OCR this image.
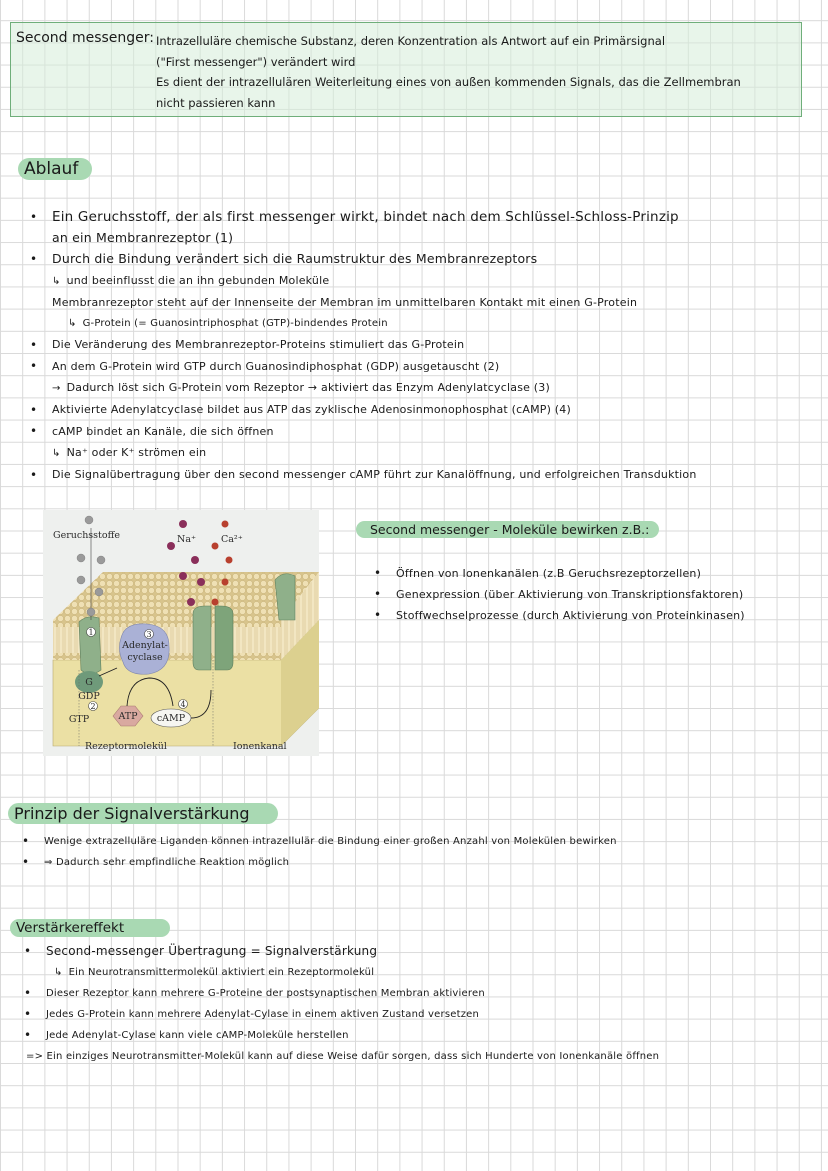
Second messenger: Intrazelluläre chemische Substanz, deren Konzentration als Antwort auf ein Primärsignal
("First messenger") verändert wird
Es dient der intrazellulären Weiterleitung eines von außen kommenden Signals, das die Zellmembran
nicht passieren kann
Ablauf
• Ein Geruchsstoff, der als first messenger wirkt, bindet nach dem Schlüssel-Schloss-Prinzip
an ein Membranrezeptor (1)
• Durch die Bindung verändert sich die Raumstruktur des Membranrezeptors
↳ und beeinflusst die an ihn gebunden Moleküle
Membranrezeptor steht auf der Innenseite der Membran im unmittelbaren Kontakt mit einen G-Protein
↳ G-Protein (= Guanosintriphosphat (GTP)-bindendes Protein
• Die Veränderung des Membranrezeptor-Proteins stimuliert das G-Protein
• An dem G-Protein wird GTP durch Guanosindiphosphat (GDP) ausgetauscht (2)
→ Dadurch löst sich G-Protein vom Rezeptor → aktiviert das Enzym Adenylatcyclase (3)
• Aktivierte Adenylatcyclase bildet aus ATP das zyklische Adenosinmonophosphat (cAMP) (4)
• cAMP bindet an Kanäle, die sich öffnen
↳ Na⁺ oder K⁺ strömen ein
• Die Signalübertragung über den second messenger cAMP führt zur Kanalöffnung, und erfolgreichen Transduktion
1
2
3
4
Geruchsstoffe	Na⁺	Ca²⁺
Adenylat-
cyclase
G
GDP
GTP	ATP cAMP
Rezeptormolekül	Ionenkanal
Second messenger - Moleküle bewirken z.B.:
• Öffnen von Ionenkanälen (z.B Geruchsrezeptorzellen)
• Genexpression (über Aktivierung von Transkriptionsfaktoren)
• Stoffwechselprozesse (durch Aktivierung von Proteinkinasen)
Prinzip der Signalverstärkung
• Wenige extrazelluläre Liganden können intrazellulär die Bindung einer großen Anzahl von Molekülen bewirken
• ⇒ Dadurch sehr empfindliche Reaktion möglich
Verstärkereffekt
• Second-messenger Übertragung = Signalverstärkung
↳ Ein Neurotransmittermolekül aktiviert ein Rezeptormolekül
• Dieser Rezeptor kann mehrere G-Proteine der postsynaptischen Membran aktivieren
• Jedes G-Protein kann mehrere Adenylat-Cylase in einem aktiven Zustand versetzen
• Jede Adenylat-Cylase kann viele cAMP-Moleküle herstellen
=> Ein einziges Neurotransmitter-Molekül kann auf diese Weise dafür sorgen, dass sich Hunderte von Ionenkanäle öffnen
